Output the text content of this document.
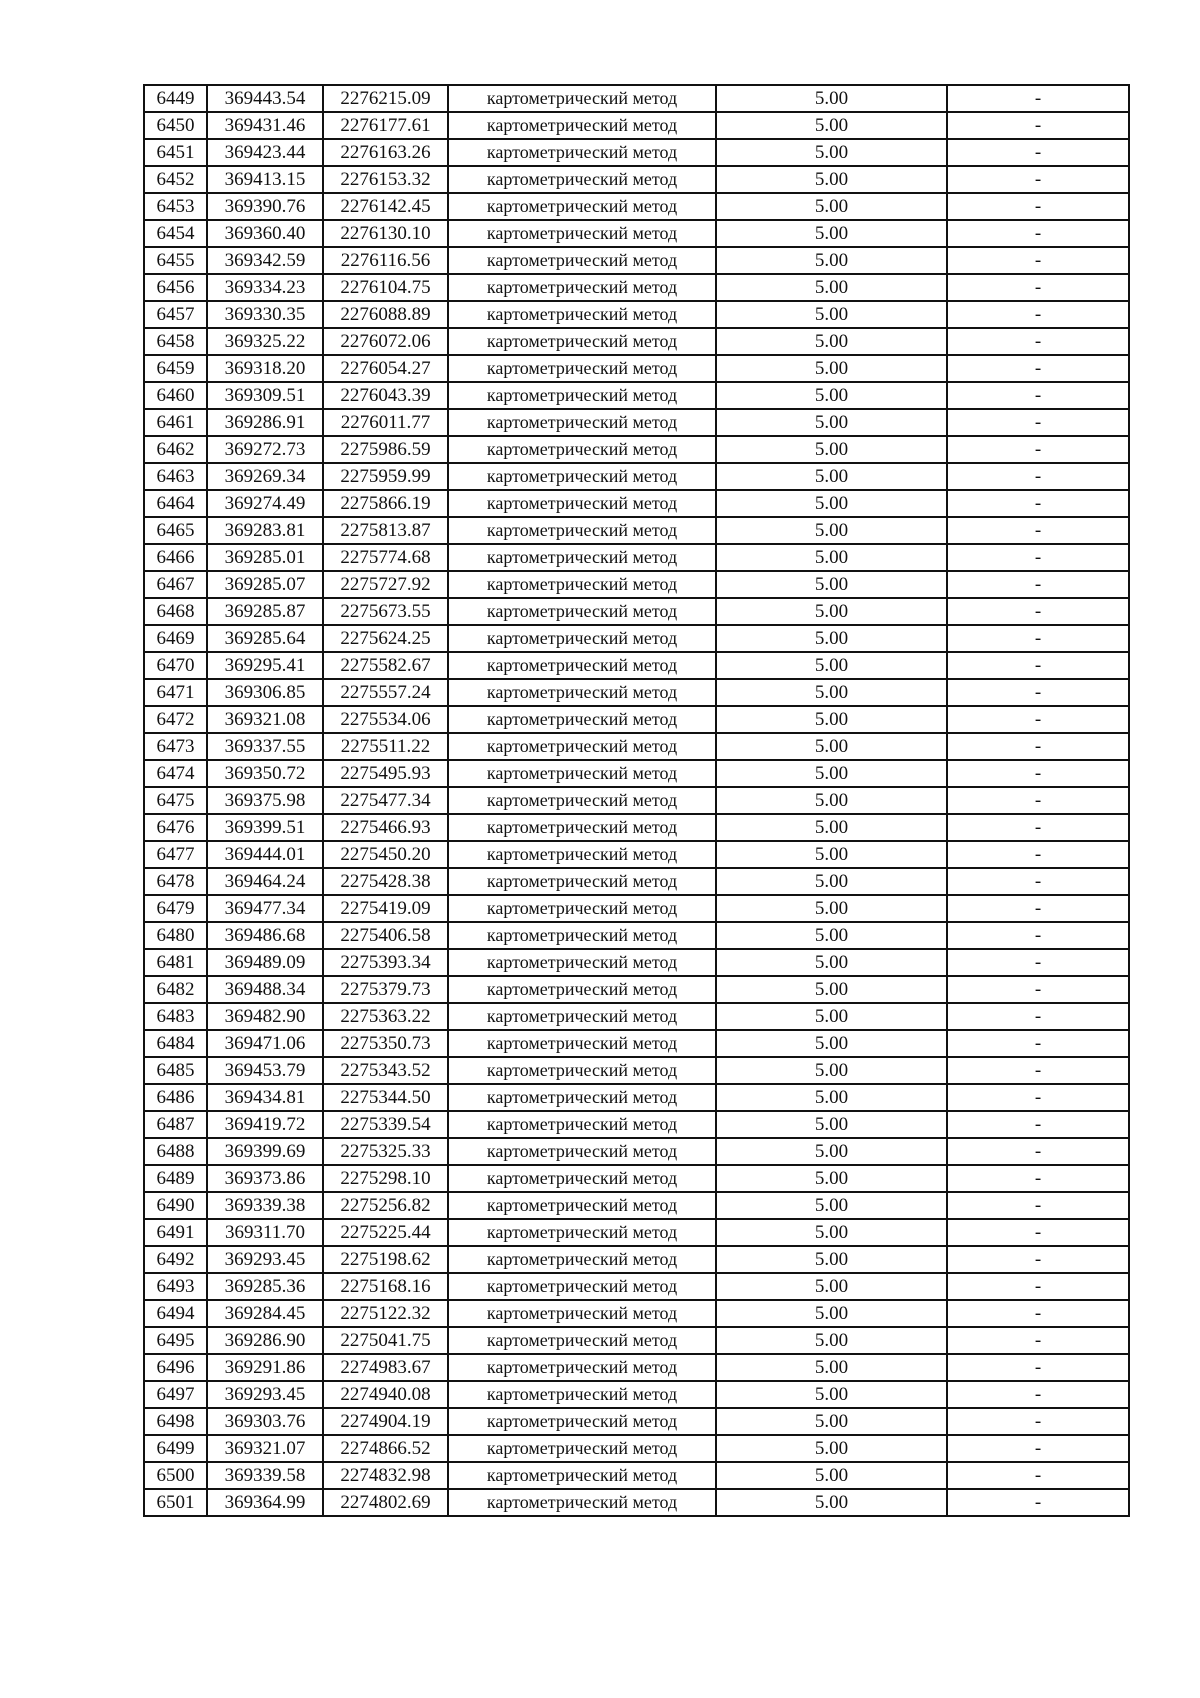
6449	369443.54	2276215.09	картометрический метод	5.00	-
6450	369431.46	2276177.61	картометрический метод	5.00	-
6451	369423.44	2276163.26	картометрический метод	5.00	-
6452	369413.15	2276153.32	картометрический метод	5.00	-
6453	369390.76	2276142.45	картометрический метод	5.00	-
6454	369360.40	2276130.10	картометрический метод	5.00	-
6455	369342.59	2276116.56	картометрический метод	5.00	-
6456	369334.23	2276104.75	картометрический метод	5.00	-
6457	369330.35	2276088.89	картометрический метод	5.00	-
6458	369325.22	2276072.06	картометрический метод	5.00	-
6459	369318.20	2276054.27	картометрический метод	5.00	-
6460	369309.51	2276043.39	картометрический метод	5.00	-
6461	369286.91	2276011.77	картометрический метод	5.00	-
6462	369272.73	2275986.59	картометрический метод	5.00	-
6463	369269.34	2275959.99	картометрический метод	5.00	-
6464	369274.49	2275866.19	картометрический метод	5.00	-
6465	369283.81	2275813.87	картометрический метод	5.00	-
6466	369285.01	2275774.68	картометрический метод	5.00	-
6467	369285.07	2275727.92	картометрический метод	5.00	-
6468	369285.87	2275673.55	картометрический метод	5.00	-
6469	369285.64	2275624.25	картометрический метод	5.00	-
6470	369295.41	2275582.67	картометрический метод	5.00	-
6471	369306.85	2275557.24	картометрический метод	5.00	-
6472	369321.08	2275534.06	картометрический метод	5.00	-
6473	369337.55	2275511.22	картометрический метод	5.00	-
6474	369350.72	2275495.93	картометрический метод	5.00	-
6475	369375.98	2275477.34	картометрический метод	5.00	-
6476	369399.51	2275466.93	картометрический метод	5.00	-
6477	369444.01	2275450.20	картометрический метод	5.00	-
6478	369464.24	2275428.38	картометрический метод	5.00	-
6479	369477.34	2275419.09	картометрический метод	5.00	-
6480	369486.68	2275406.58	картометрический метод	5.00	-
6481	369489.09	2275393.34	картометрический метод	5.00	-
6482	369488.34	2275379.73	картометрический метод	5.00	-
6483	369482.90	2275363.22	картометрический метод	5.00	-
6484	369471.06	2275350.73	картометрический метод	5.00	-
6485	369453.79	2275343.52	картометрический метод	5.00	-
6486	369434.81	2275344.50	картометрический метод	5.00	-
6487	369419.72	2275339.54	картометрический метод	5.00	-
6488	369399.69	2275325.33	картометрический метод	5.00	-
6489	369373.86	2275298.10	картометрический метод	5.00	-
6490	369339.38	2275256.82	картометрический метод	5.00	-
6491	369311.70	2275225.44	картометрический метод	5.00	-
6492	369293.45	2275198.62	картометрический метод	5.00	-
6493	369285.36	2275168.16	картометрический метод	5.00	-
6494	369284.45	2275122.32	картометрический метод	5.00	-
6495	369286.90	2275041.75	картометрический метод	5.00	-
6496	369291.86	2274983.67	картометрический метод	5.00	-
6497	369293.45	2274940.08	картометрический метод	5.00	-
6498	369303.76	2274904.19	картометрический метод	5.00	-
6499	369321.07	2274866.52	картометрический метод	5.00	-
6500	369339.58	2274832.98	картометрический метод	5.00	-
6501	369364.99	2274802.69	картометрический метод	5.00	-
